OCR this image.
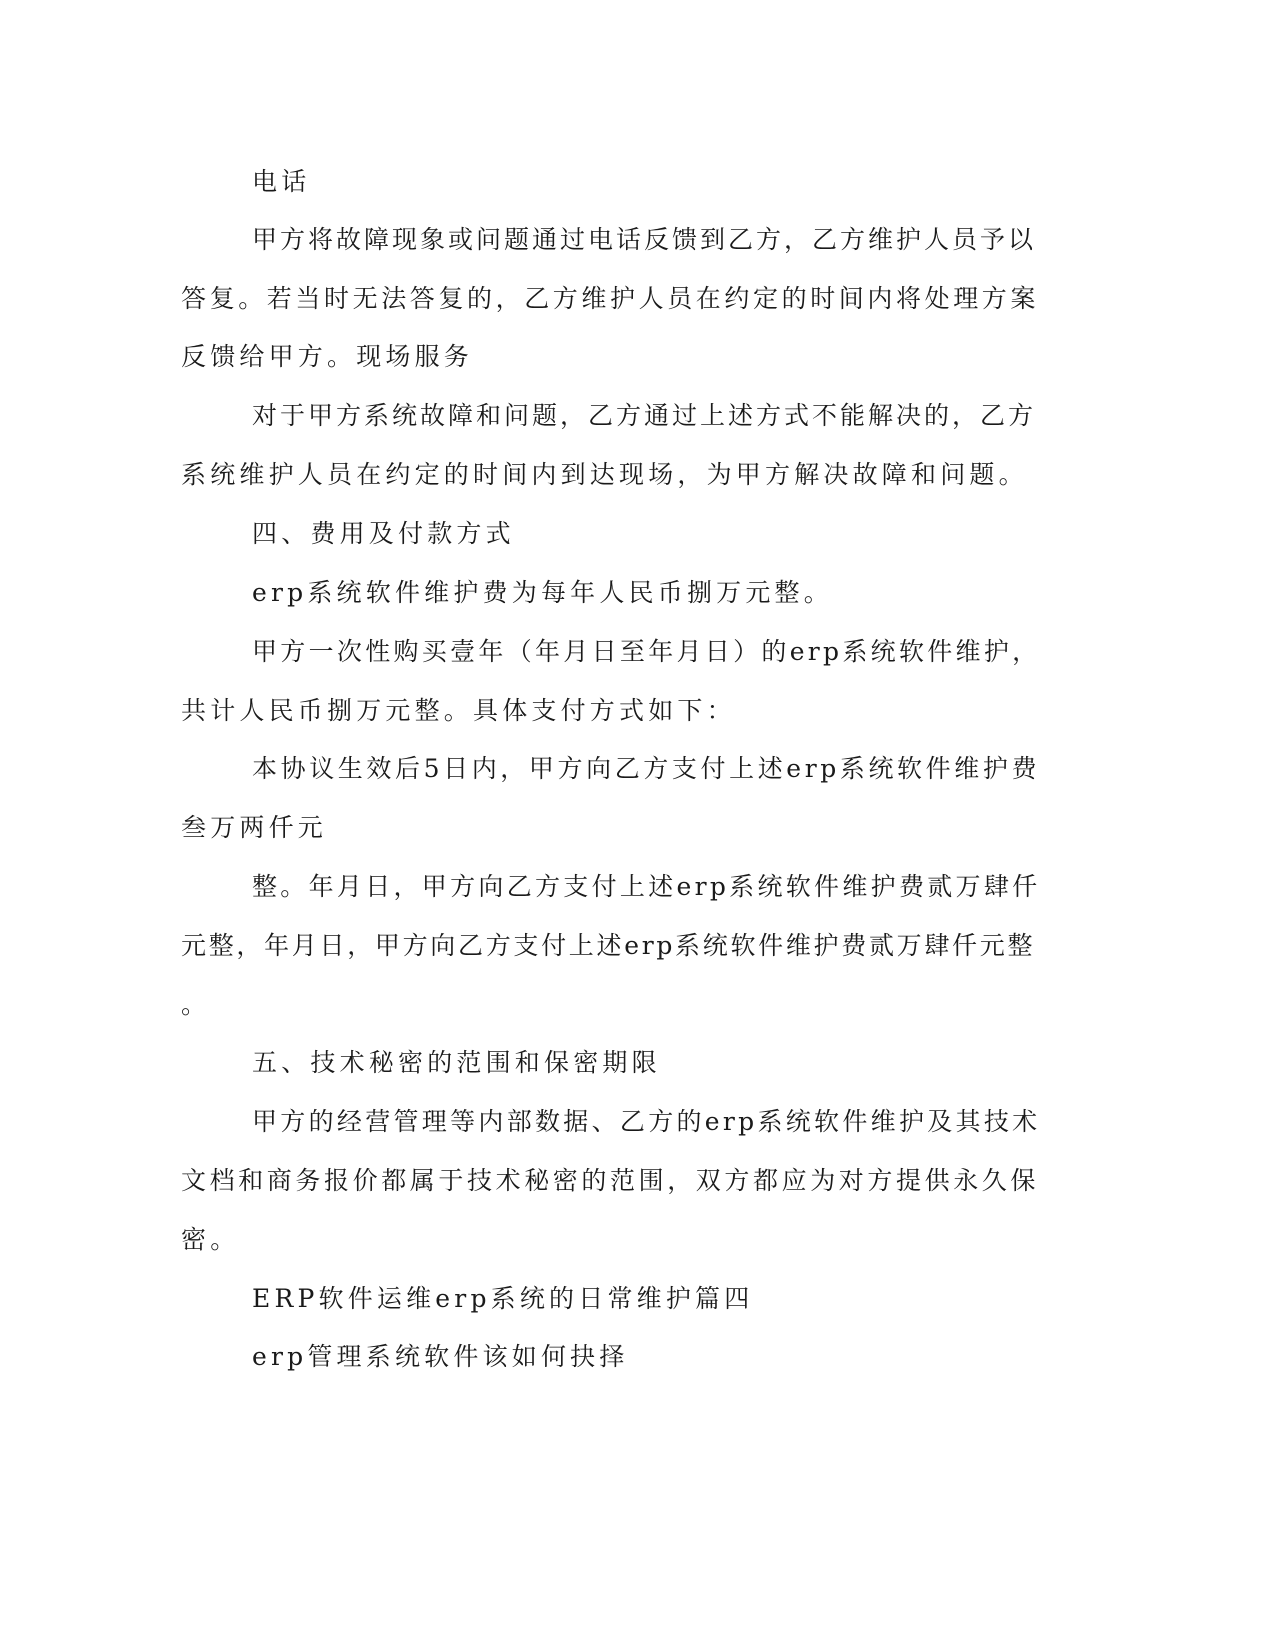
电话
甲方将故障现象或问题通过电话反馈到乙方，乙方维护人员予以
答复。若当时无法答复的，乙方维护人员在约定的时间内将处理方案
反馈给甲方。现场服务
对于甲方系统故障和问题，乙方通过上述方式不能解决的，乙方
系统维护人员在约定的时间内到达现场，为甲方解决故障和问题。
四、费用及付款方式
erp系统软件维护费为每年人民币捌万元整。
甲方一次性购买壹年（年月日至年月日）的erp系统软件维护，
共计人民币捌万元整。具体支付方式如下：
本协议生效后5日内，甲方向乙方支付上述erp系统软件维护费
叁万两仟元
整。年月日，甲方向乙方支付上述erp系统软件维护费贰万肆仟
元整，年月日，甲方向乙方支付上述erp系统软件维护费贰万肆仟元整
。
五、技术秘密的范围和保密期限
甲方的经营管理等内部数据、乙方的erp系统软件维护及其技术
文档和商务报价都属于技术秘密的范围，双方都应为对方提供永久保
密。
ERP软件运维erp系统的日常维护篇四
erp管理系统软件该如何抉择
